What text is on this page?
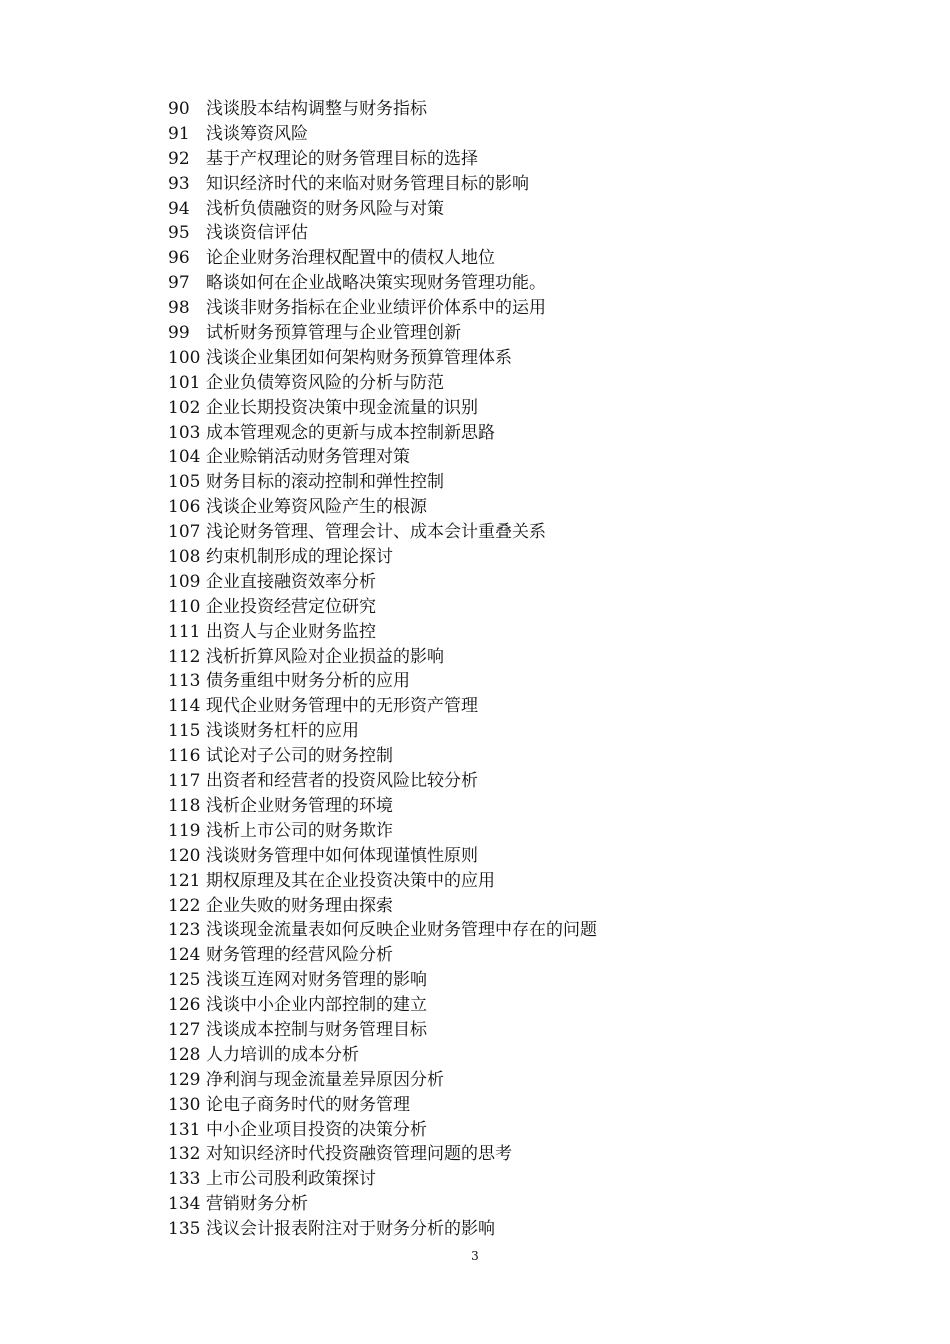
90 浅谈股本结构调整与财务指标
91 浅谈筹资风险
92 基于产权理论的财务管理目标的选择
93 知识经济时代的来临对财务管理目标的影响
94 浅析负债融资的财务风险与对策
95 浅谈资信评估
96 论企业财务治理权配置中的债权人地位
97 略谈如何在企业战略决策实现财务管理功能。
98 浅谈非财务指标在企业业绩评价体系中的运用
99 试析财务预算管理与企业管理创新
100 浅谈企业集团如何架构财务预算管理体系
101 企业负债筹资风险的分析与防范
102 企业长期投资决策中现金流量的识别
103 成本管理观念的更新与成本控制新思路
104 企业赊销活动财务管理对策
105 财务目标的滚动控制和弹性控制
106 浅谈企业筹资风险产生的根源
107 浅论财务管理、管理会计、成本会计重叠关系
108 约束机制形成的理论探讨
109 企业直接融资效率分析
110 企业投资经营定位研究
111 出资人与企业财务监控
112 浅析折算风险对企业损益的影响
113 债务重组中财务分析的应用
114 现代企业财务管理中的无形资产管理
115 浅谈财务杠杆的应用
116 试论对子公司的财务控制
117 出资者和经营者的投资风险比较分析
118 浅析企业财务管理的环境
119 浅析上市公司的财务欺诈
120 浅谈财务管理中如何体现谨慎性原则
121 期权原理及其在企业投资决策中的应用
122 企业失败的财务理由探索
123 浅谈现金流量表如何反映企业财务管理中存在的问题
124 财务管理的经营风险分析
125 浅谈互连网对财务管理的影响
126 浅谈中小企业内部控制的建立
127 浅谈成本控制与财务管理目标
128 人力培训的成本分析
129 净利润与现金流量差异原因分析
130 论电子商务时代的财务管理
131 中小企业项目投资的决策分析
132 对知识经济时代投资融资管理问题的思考
133 上市公司股利政策探讨
134 营销财务分析
135 浅议会计报表附注对于财务分析的影响
3
